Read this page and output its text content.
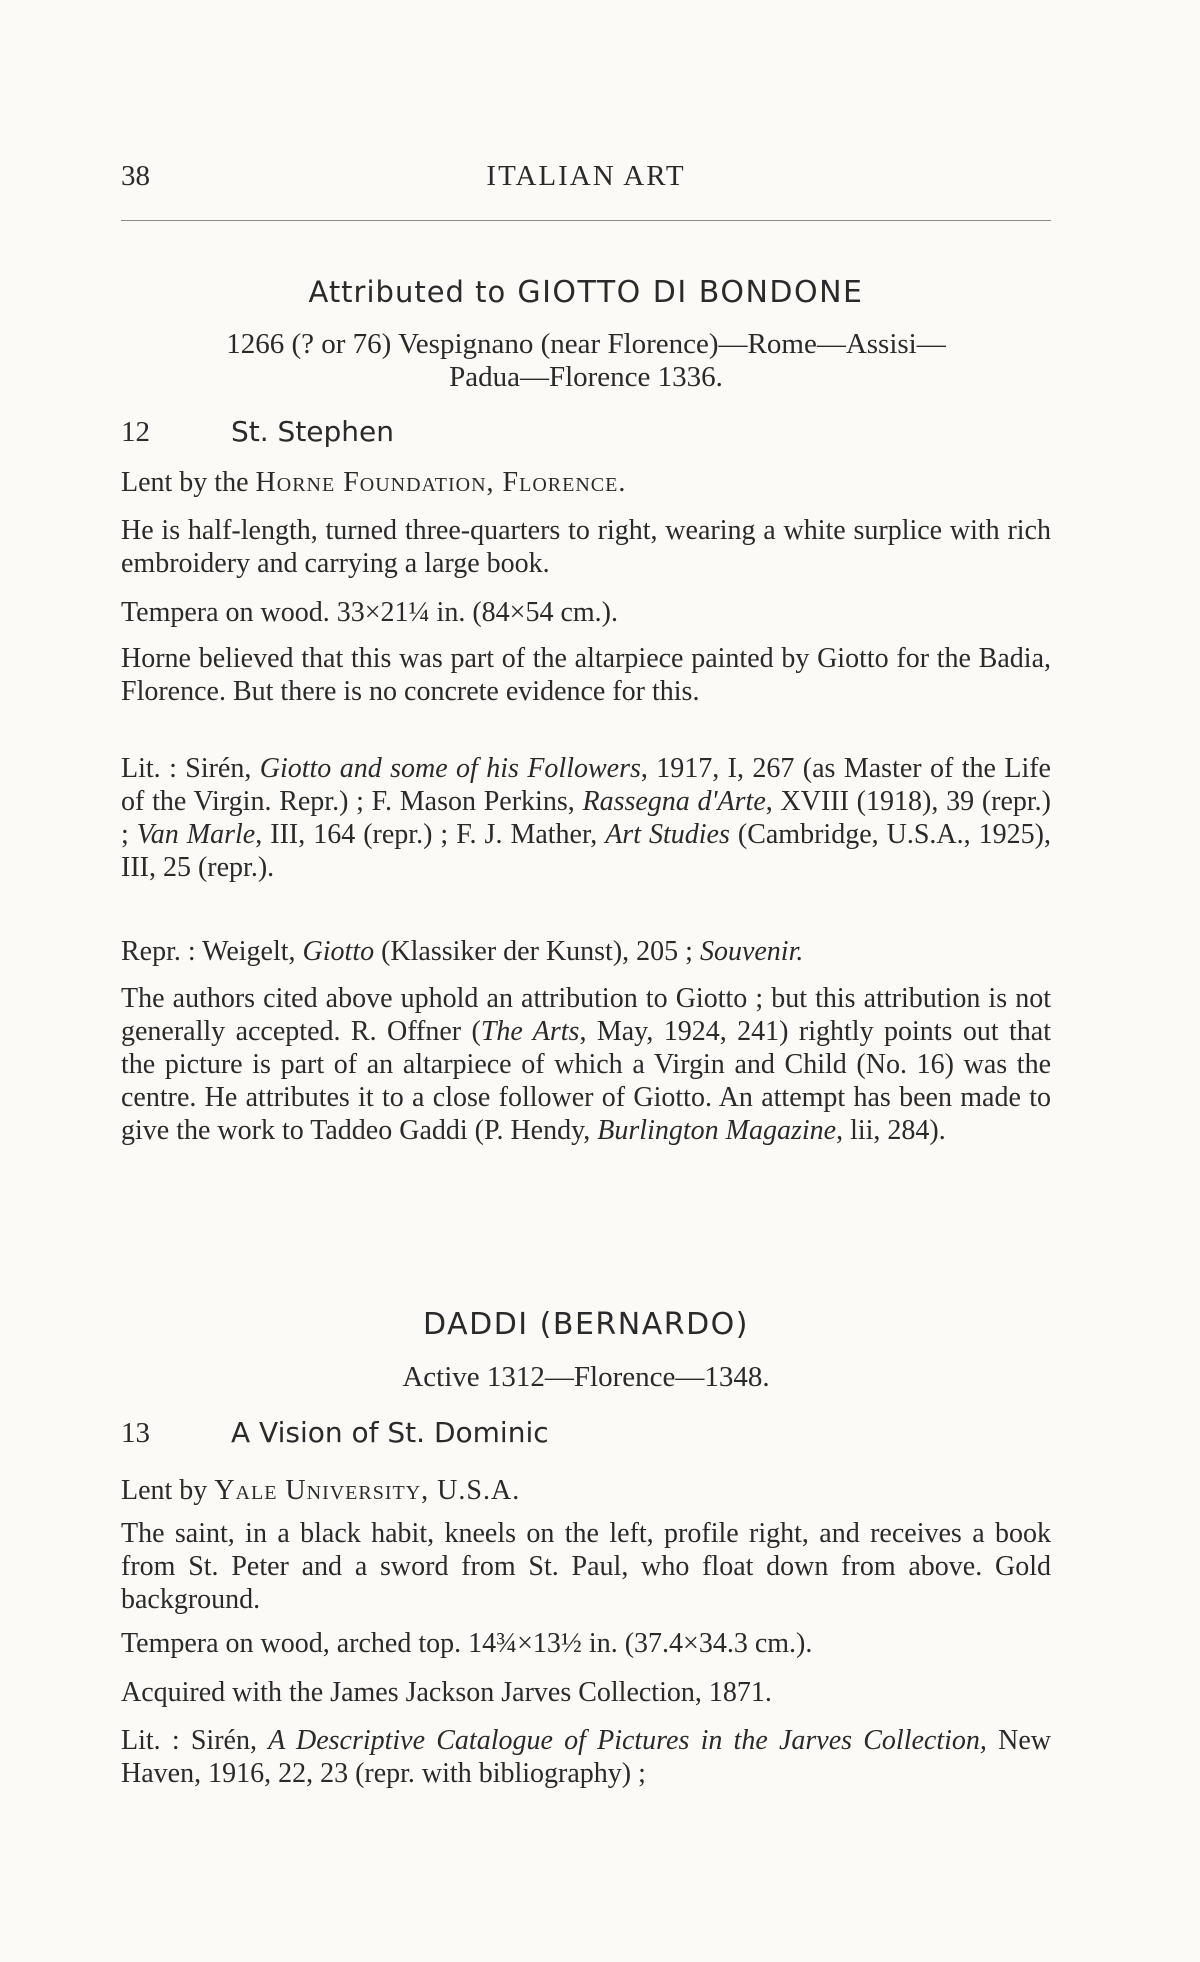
38	ITALIAN ART
Attributed to GIOTTO DI BONDONE
1266 (? or 76) Vespignano (near Florence)—Rome—Assisi—
Padua—Florence 1336.
12	St. Stephen
Lent by the Horne Foundation, Florence.
He is half-length, turned three-quarters to right, wearing a white surplice with rich embroidery and carrying a large book.
Tempera on wood. 33×21¼ in. (84×54 cm.).
Horne believed that this was part of the altarpiece painted by Giotto for the Badia, Florence. But there is no concrete evidence for this.
Lit. : Sirén, Giotto and some of his Followers, 1917, I, 267 (as Master of the Life of the Virgin. Repr.) ; F. Mason Perkins, Rassegna d'Arte, XVIII (1918), 39 (repr.) ; Van Marle, III, 164 (repr.) ; F. J. Mather, Art Studies (Cambridge, U.S.A., 1925), III, 25 (repr.).
Repr. : Weigelt, Giotto (Klassiker der Kunst), 205 ; Souvenir.
The authors cited above uphold an attribution to Giotto ; but this attribution is not generally accepted. R. Offner (The Arts, May, 1924, 241) rightly points out that the picture is part of an altarpiece of which a Virgin and Child (No. 16) was the centre. He attributes it to a close follower of Giotto. An attempt has been made to give the work to Taddeo Gaddi (P. Hendy, Burlington Magazine, lii, 284).
DADDI (BERNARDO)
Active 1312—Florence—1348.
13	A Vision of St. Dominic
Lent by Yale University, U.S.A.
The saint, in a black habit, kneels on the left, profile right, and receives a book from St. Peter and a sword from St. Paul, who float down from above. Gold background.
Tempera on wood, arched top. 14¾×13½ in. (37.4×34.3 cm.).
Acquired with the James Jackson Jarves Collection, 1871.
Lit. : Sirén, A Descriptive Catalogue of Pictures in the Jarves Collection, New Haven, 1916, 22, 23 (repr. with bibliography) ;
